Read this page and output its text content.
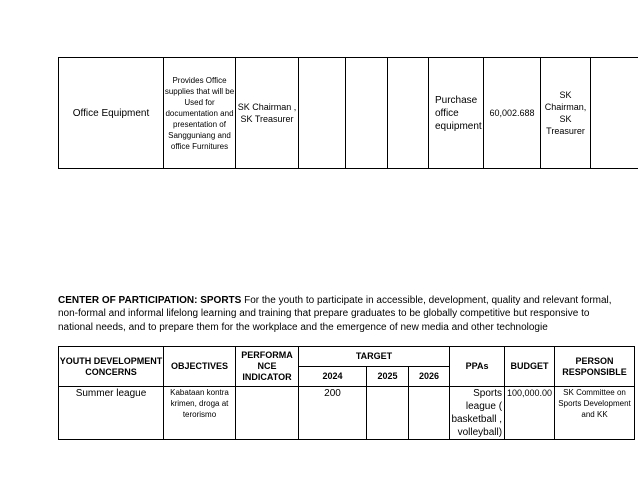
Office Equipment	Provides Office supplies that will be Used for documentation and presentation of Sangguniang and office Furnitures	SK Chairman , SK Treasurer				Purchase office equipment	60,002.688	SK Chairman, SK Treasurer	
CENTER OF PARTICIPATION: SPORTS For the youth to participate in accessible, development, quality and relevant formal, non-formal and informal lifelong learning and training that prepare graduates to be globally competitive but responsive to national needs, and to prepare them for the workplace and the emergence of new media and other technologie
YOUTH DEVELOPMENT CONCERNS	OBJECTIVES	PERFORMA NCE INDICATOR	TARGET			PPAs	BUDGET	PERSON RESPONSIBLE
			2024	2025	2026			
Summer league	Kabataan kontra krimen, droga at terorismo		200			Sports league ( basketball , volleyball)	100,000.00	SK Committee on Sports Development and KK
